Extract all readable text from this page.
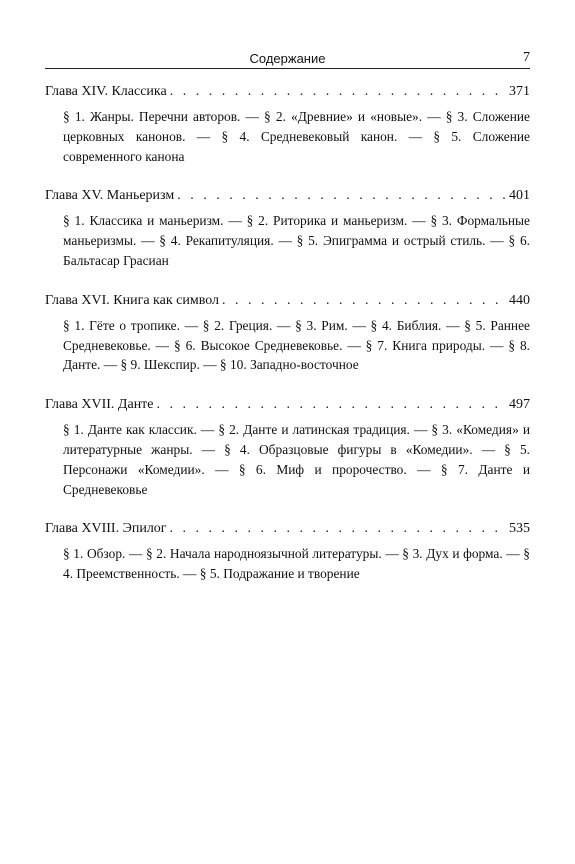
Содержание	7
Глава XIV. Классика . . .	371
§ 1. Жанры. Перечни авторов. — § 2. «Древние» и «новые». — § 3. Сложение церковных канонов. — § 4. Средневековый канон. — § 5. Сложение современного канона
Глава XV. Маньеризм . . .	401
§ 1. Классика и маньеризм. — § 2. Риторика и маньеризм. — § 3. Формальные маньеризмы. — § 4. Рекапитуляция. — § 5. Эпиграмма и острый стиль. — § 6. Бальтасар Грасиан
Глава XVI. Книга как символ . . .	440
§ 1. Гёте о тропике. — § 2. Греция. — § 3. Рим. — § 4. Библия. — § 5. Раннее Средневековье. — § 6. Высокое Средневековье. — § 7. Книга природы. — § 8. Данте. — § 9. Шекспир. — § 10. Западно-восточное
Глава XVII. Данте . . .	497
§ 1. Данте как классик. — § 2. Данте и латинская традиция. — § 3. «Комедия» и литературные жанры. — § 4. Образцовые фигуры в «Комедии». — § 5. Персонажи «Комедии». — § 6. Миф и пророчество. — § 7. Данте и Средневековье
Глава XVIII. Эпилог . . .	535
§ 1. Обзор. — § 2. Начала народноязычной литературы. — § 3. Дух и форма. — § 4. Преемственность. — § 5. Подражание и творение
